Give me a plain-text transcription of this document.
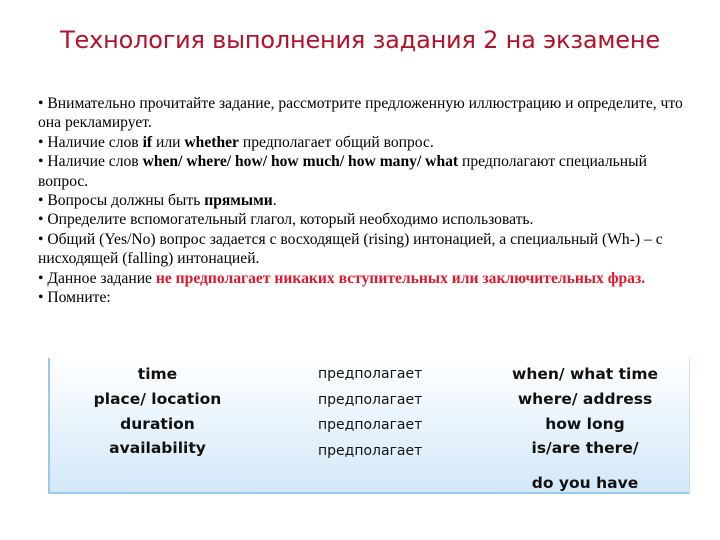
Технология выполнения задания 2 на экзамене

• Внимательно прочитайте задание, рассмотрите предложенную иллюстрацию и определите, что она рекламирует.

• Наличие слов if или whether предполагает общий вопрос.

• Наличие слов when/ where/ how/ how much/ how many/ what предполагают специальный вопрос.

• Вопросы должны быть прямыми.

• Определите вспомогательный глагол, который необходимо использовать.

• Общий (Yes/No) вопрос задается с восходящей (rising) интонацией, а специальный (Wh-) – с нисходящей (falling) интонацией.

• Данное задание не предполагает никаких вступительных или заключительных фраз.

• Помните:

time
place/ location
duration
availability
предполагает
предполагает
предполагает
предполагает
when/ what time
where/ address
how long
is/are there/
do you have
